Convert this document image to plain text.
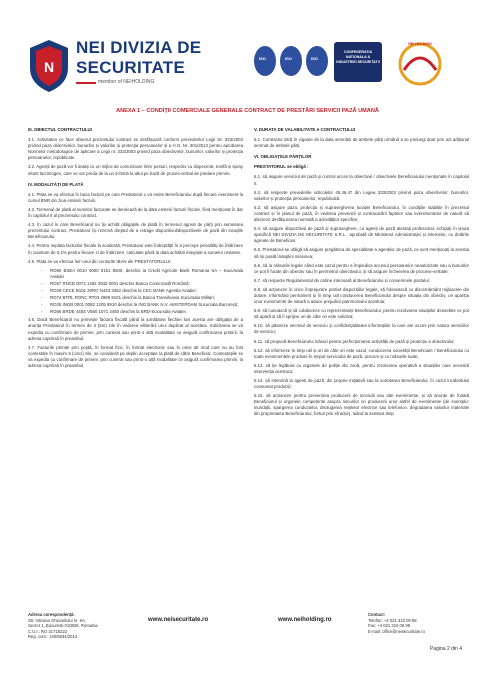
N
NEI DIVIZIA DE
SECURITATE
member of NEIHOLDING
ISO	ISO	ISO
CONFEDERATIA NATIONALA A INDUSTRIEI SECURITATII
NEI HOLDING
ANEXA 1 – CONDIȚII COMERCIALE GENERALE CONTRACT DE PRESTĂRI SERVICII PAZĂ UMANĂ
III. OBIECTUL CONTRACTULUI
3.1. Activitatea ce face obiectul prezentului contract se desfășoară conform prevederilor Legii Nr. 333/2003 privind paza obiectivelor, bunurilor și valorilor și protecția persoanelor și a H.G. Nr. 301/2012 pentru aprobarea Normelor metodologice de aplicare a Legii nr. 333/2003 privind paza obiectivelor, bunurilor, valorilor și protecția persoanelor, republicate.
3.2. Agenții de pază vor fi dotați cu un mijloc de comunicare între posturi, respectiv cu dispecerat, tomfă și spray iritant lacrimogen, care se vor preda de la un schimb la altul pe bază de proces-verbal de predare primire.
IV. MODALITĂȚI DE PLATĂ
4.1. Plata se va efectua în baza facturii pe care Prestatorul o va emite Beneficiarului după fiecare eveniment la cursul BNR din ziua emiterii facturii.
4.2. Termenul de plată al sumelor facturate se derulează de la data emiterii facturii fiscale, fiind menționat în dar în capitolul II al prezentului contract.
4.3. În cazul în care Beneficiarul nu își achită obligațiile de plată în termenul agreat de părți prin semnarea prezentului contract, Prestatorul își rezervă dreptul de a retrage dispozitivul/dispozitivele de pază din locațiile Beneficiarului.
4.4. Pentru neplata facturilor fiscale la scadență, Prestatorul este îndreptățit în a percepe penalități de întârziere în cuantum de 0,1% pentru fiecare zi de întârziere, calculate până la data achitării integrale a sumelor restante.
4.5. Plata se va efectua într-unul din conturile IBAN ale PRESTATORULUI:
- RO80 BSEA 0010 0000 0151 8500, deschis la Credit Agricole Bank Romania SA – Sucursala Aviației
- RO57 RNCB 0072 1492 3932 0001 deschis Banca Comercială Română;
- RO29 CECE B101 30RO N433 3462 deschis la CEC BANK Agentia Aviației;
- RO74 BTRL RONC RT03 2989 9101 deschis la Banca Transilvania Sucursala Militari;
- RO25 INGB 0001 0082 1205 8910 deschis la ING BANK N.V. AMSTERDAM Sucursala București;
- RO56 BRDE 445S V560 1071 4450 deschis la BRD-Sucursala Aviației.
4.6. Dacă Beneficiarul nu primește factura fiscală până la jumătatea fiecărei luni acesta are obligația de a anunța Prestatorul în termen de 3 (trei) zile în vederea eliberării unui duplicat al acesteia. Solicitarea se va expedia cu confirmare de primire, prin curierat sau printr-o altă modalitate ce asigură confirmarea primirii, la adresa cuprinsă în preambul.
4.7. Facturile primite prin poștă, în format fizic, în format electronic sau în orice alt mod care nu au fost contestate în maxim 5 (cinci) zile, se consideră pe deplin acceptate la plată de către Beneficiar. Contestațiile se va expedia cu confirmare de primire, prin curierat sau printr-o altă modalitate ce asigură confirmarea primirii, la adresa cuprinsă în preambul.
V. DURATA DE VALABILITATE A CONTRACTULUI
5.1. Contractul intră în vigoare de la data semnării de ambele părți urmând a se prelungi doar prin act adițional semnat de ambele părți.
VI. OBLIGAȚIILE PĂRȚILOR
PRESTATORUL se obligă :
6.1. să asigure serviciul de pază și control acces la obiectivul / obiectivele Beneficiarului menționate în capitolul II.
6.2. să respecte prevederile articolelor 45,46,47 din Legea 333/2003 privind paza obiectivelor, bunurilor, valorilor și protecția persoanelor, republicată.
6.3. să asigure paza, protecția și supravegherea locației Beneficiarului, în condițiile stabilite în prezentul contract și în planul de pază, în vederea prevenirii și contracarării faptelor sau evenimentelor de natură să afecteze desfășurarea normală a activităților specifice;
6.4. să asigure dispozitivul de pază și supraveghere, cu agenți de pază atestați profesional, echipați în ținuta specifică NEI DIVIZIA DE SECURITATE S.R.L., aprobată de Ministerul Administrației și Internelor, cu dotările agreate de Beneficiar.
6.5. Prestatorul se obligă să asigure pregătirea de specialitate a agenților de pază, ce sunt menționați la acestia să își poată îndeplini misiunea;
6.6. să ia măsurile legale când este cazul pentru a împiedica accesul persoanelor neautorizate sau a bunurilor ce pot fi furate din obiectiv sau în perimetrul obiectivului, și să asigure încheierea de procese-verbale;
6.7. să respecte Regulamentul de ordine interioară al Beneficiarului și consemnele postului;
6.8. să acționeze în orice împrejurare potrivit dispozițiilor legale, să folosească cu discernământ mijloacele din dotare, informând permanent și în timp util conducerea Beneficiarului despre situația din obiectiv, ori apariția unor evenimente de natură a aduce prejudicii patrimoniului acestuia;
6.9. să cunoască și să colaboreze cu reprezentanții Beneficiarului, pentru rezolvarea situațiilor deosebite ce pot să apară și să îi sprijine ori de câte ori este solicitat;
6.10. să păstreze secretul de serviciu și confidențialitatea informațiilor la care are acces prin natura serviciilor de serviciu;
6.11. să propună Beneficiarului măsuri pentru perfecționarea activității de pază și protecție a obiectivului;
6.12. să informeze în timp util și ori de câte ori este cazul, conducerea societății Beneficiare / Beneficiarului cu toate evenimentele produse în timpul serviciului de pază, precum și cu măsurile luate;
6.13. să ție legătura cu organele de poliție din zonă, pentru rezolvarea operativă a situațiilor care necesită intervenția acestora;
6.14. să intervină la agenți de pază, din proprie inițiativă sau la solicitarea Beneficiarului, în cazul incidentului consumat producții;
6.15. să acționeze pentru prevenirea producerii de incendii sau alte evenimente, și să anunțe de îndată Beneficiarul și organele competente asupra riscurilor ori producerii unor astfel de evenimente (de exemplu: inundații, spargerea conductelor, distrugerea rețelelor electrice sau telefonice, degradarea valorilor materiale din proprietatea Beneficiarului, furturi prin efracție), luând la acestea timp
Adresa corespondență:
Str. Intrarea Ghioceilului nr. 6A,
Sector 1, Bucuresti 010828, Romania
C.U.I.: RO 31718222
Reg. com.: J40/6934/2013
www.neisecuritate.ro	www.neiholding.ro
Contact:
Telefon: +4 021 310 09 98
Fax: +4 021 310 09 99
E-mail: office@neisecuritate.ro
Pagina 2 din 4
